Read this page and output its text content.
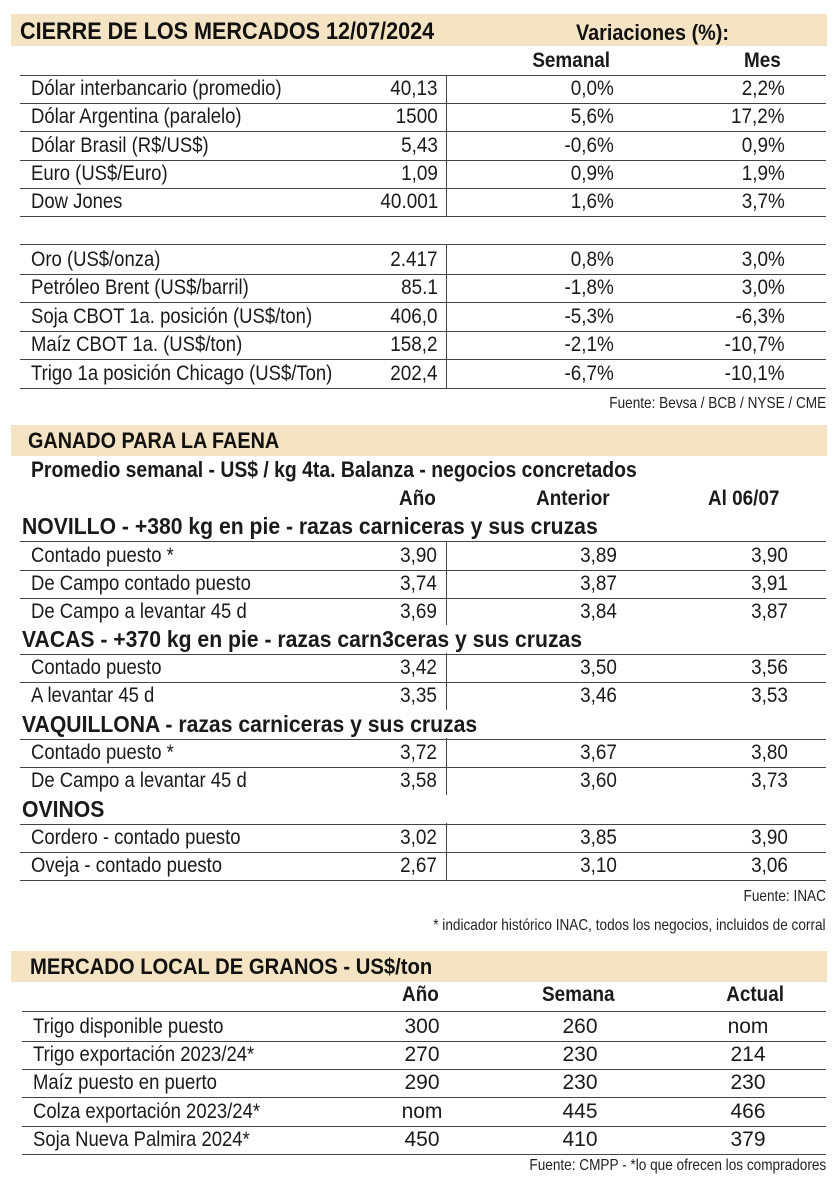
CIERRE DE LOS MERCADOS 12/07/2024	Variaciones (%):
Semanal	Mes
Dólar interbancario (promedio)	40,13	0,0%	2,2%
Dólar Argentina (paralelo)	1500	5,6%	17,2%
Dólar Brasil (R$/US$)	5,43	-0,6%	0,9%
Euro (US$/Euro)	1,09	0,9%	1,9%
Dow Jones	40.001	1,6%	3,7%
Oro (US$/onza)	2.417	0,8%	3,0%
Petróleo Brent (US$/barril)	85.1	-1,8%	3,0%
Soja CBOT 1a. posición (US$/ton)	406,0	-5,3%	-6,3%
Maíz CBOT 1a. (US$/ton)	158,2	-2,1%	-10,7%
Trigo 1a posición Chicago (US$/Ton)	202,4	-6,7%	-10,1%
Fuente: Bevsa / BCB / NYSE / CME
GANADO PARA LA FAENA
Promedio semanal - US$ / kg 4ta. Balanza - negocios concretados
Año	Anterior	Al 06/07
NOVILLO - +380 kg en pie - razas carniceras y sus cruzas
Contado puesto *	3,90	3,89	3,90
De Campo contado puesto	3,74	3,87	3,91
De Campo a levantar 45 d	3,69	3,84	3,87
VACAS - +370 kg en pie - razas carn3ceras y sus cruzas
Contado puesto	3,42	3,50	3,56
A levantar 45 d	3,35	3,46	3,53
VAQUILLONA - razas carniceras y sus cruzas
Contado puesto *	3,72	3,67	3,80
De Campo a levantar 45 d	3,58	3,60	3,73
OVINOS
Cordero - contado puesto	3,02	3,85	3,90
Oveja - contado puesto	2,67	3,10	3,06
Fuente: INAC
* indicador histórico INAC, todos los negocios, incluidos de corral
MERCADO LOCAL DE GRANOS - US$/ton
Año	Semana	Actual
Trigo disponible puesto	300	260	nom
Trigo exportación 2023/24*	270	230	214
Maíz puesto en puerto	290	230	230
Colza exportación 2023/24*	nom	445	466
Soja Nueva Palmira 2024*	450	410	379
Fuente: CMPP - *lo que ofrecen los compradores
